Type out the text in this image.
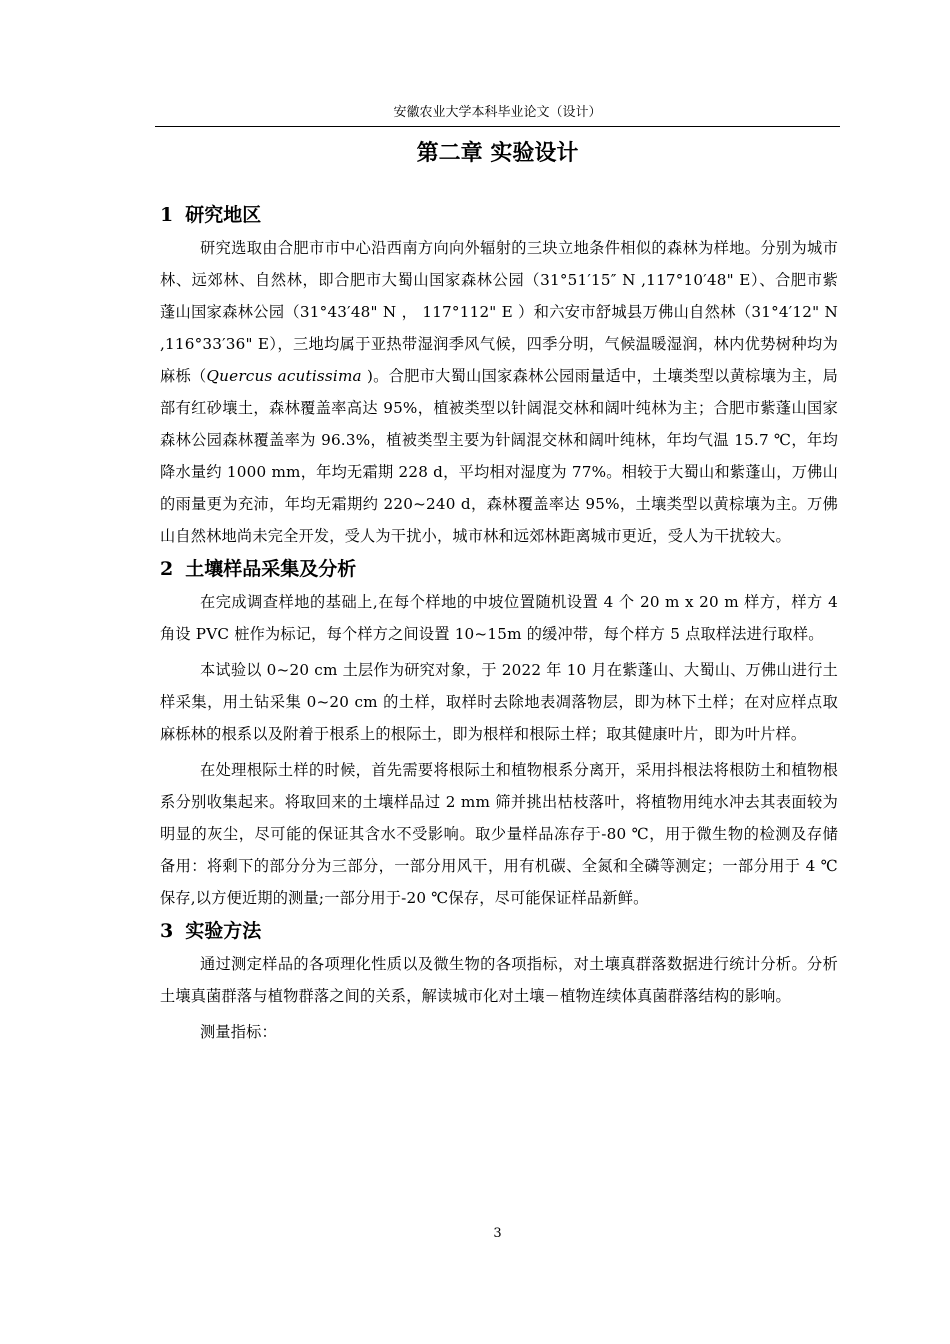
安徽农业大学本科毕业论文（设计）
第二章 实验设计
1 研究地区

研究选取由合肥市市中心沿西南方向向外辐射的三块立地条件相似的森林为样地。分别为城市林、远郊林、自然林，即合肥市大蜀山国家森林公园（31°51′15″ N ,117°10′48" E）、合肥市紫蓬山国家森林公园（31°43′48" N ， 117°112" E ）和六安市舒城县万佛山自然林（31°4′12" N ,116°33′36" E），三地均属于亚热带湿润季风气候，四季分明，气候温暖湿润，林内优势树种均为麻栎（Quercus acutissima )。合肥市大蜀山国家森林公园雨量适中，土壤类型以黄棕壤为主，局部有红砂壤土，森林覆盖率高达 95%，植被类型以针阔混交林和阔叶纯林为主；合肥市紫蓬山国家森林公园森林覆盖率为 96.3%，植被类型主要为针阔混交林和阔叶纯林，年均气温 15.7 ℃，年均降水量约 1000 mm，年均无霜期 228 d，平均相对湿度为 77%。相较于大蜀山和紫蓬山，万佛山的雨量更为充沛，年均无霜期约 220~240 d，森林覆盖率达 95%，土壤类型以黄棕壤为主。万佛山自然林地尚未完全开发，受人为干扰小，城市林和远郊林距离城市更近，受人为干扰较大。

2 土壤样品采集及分析

在完成调查样地的基础上,在每个样地的中坡位置随机设置 4 个 20 m x 20 m 样方，样方 4 角设 PVC 桩作为标记，每个样方之间设置 10~15m 的缓冲带，每个样方 5 点取样法进行取样。

本试验以 0~20 cm 土层作为研究对象，于 2022 年 10 月在紫蓬山、大蜀山、万佛山进行土样采集，用土钻采集 0~20 cm 的土样，取样时去除地表凋落物层，即为林下土样；在对应样点取麻栎林的根系以及附着于根系上的根际土，即为根样和根际土样；取其健康叶片，即为叶片样。

在处理根际土样的时候，首先需要将根际土和植物根系分离开，采用抖根法将根防土和植物根系分别收集起来。将取回来的土壤样品过 2 mm 筛并挑出枯枝落叶，将植物用纯水冲去其表面较为明显的灰尘，尽可能的保证其含水不受影响。取少量样品冻存于-80 ℃，用于微生物的检测及存储备用：将剩下的部分分为三部分，一部分用风干，用有机碳、全氮和全磷等测定；一部分用于 4 ℃保存,以方便近期的测量;一部分用于-20 ℃保存，尽可能保证样品新鲜。

3 实验方法

通过测定样品的各项理化性质以及微生物的各项指标，对土壤真群落数据进行统计分析。分析土壤真菌群落与植物群落之间的关系，解读城市化对土壤－植物连续体真菌群落结构的影响。

测量指标：

3
